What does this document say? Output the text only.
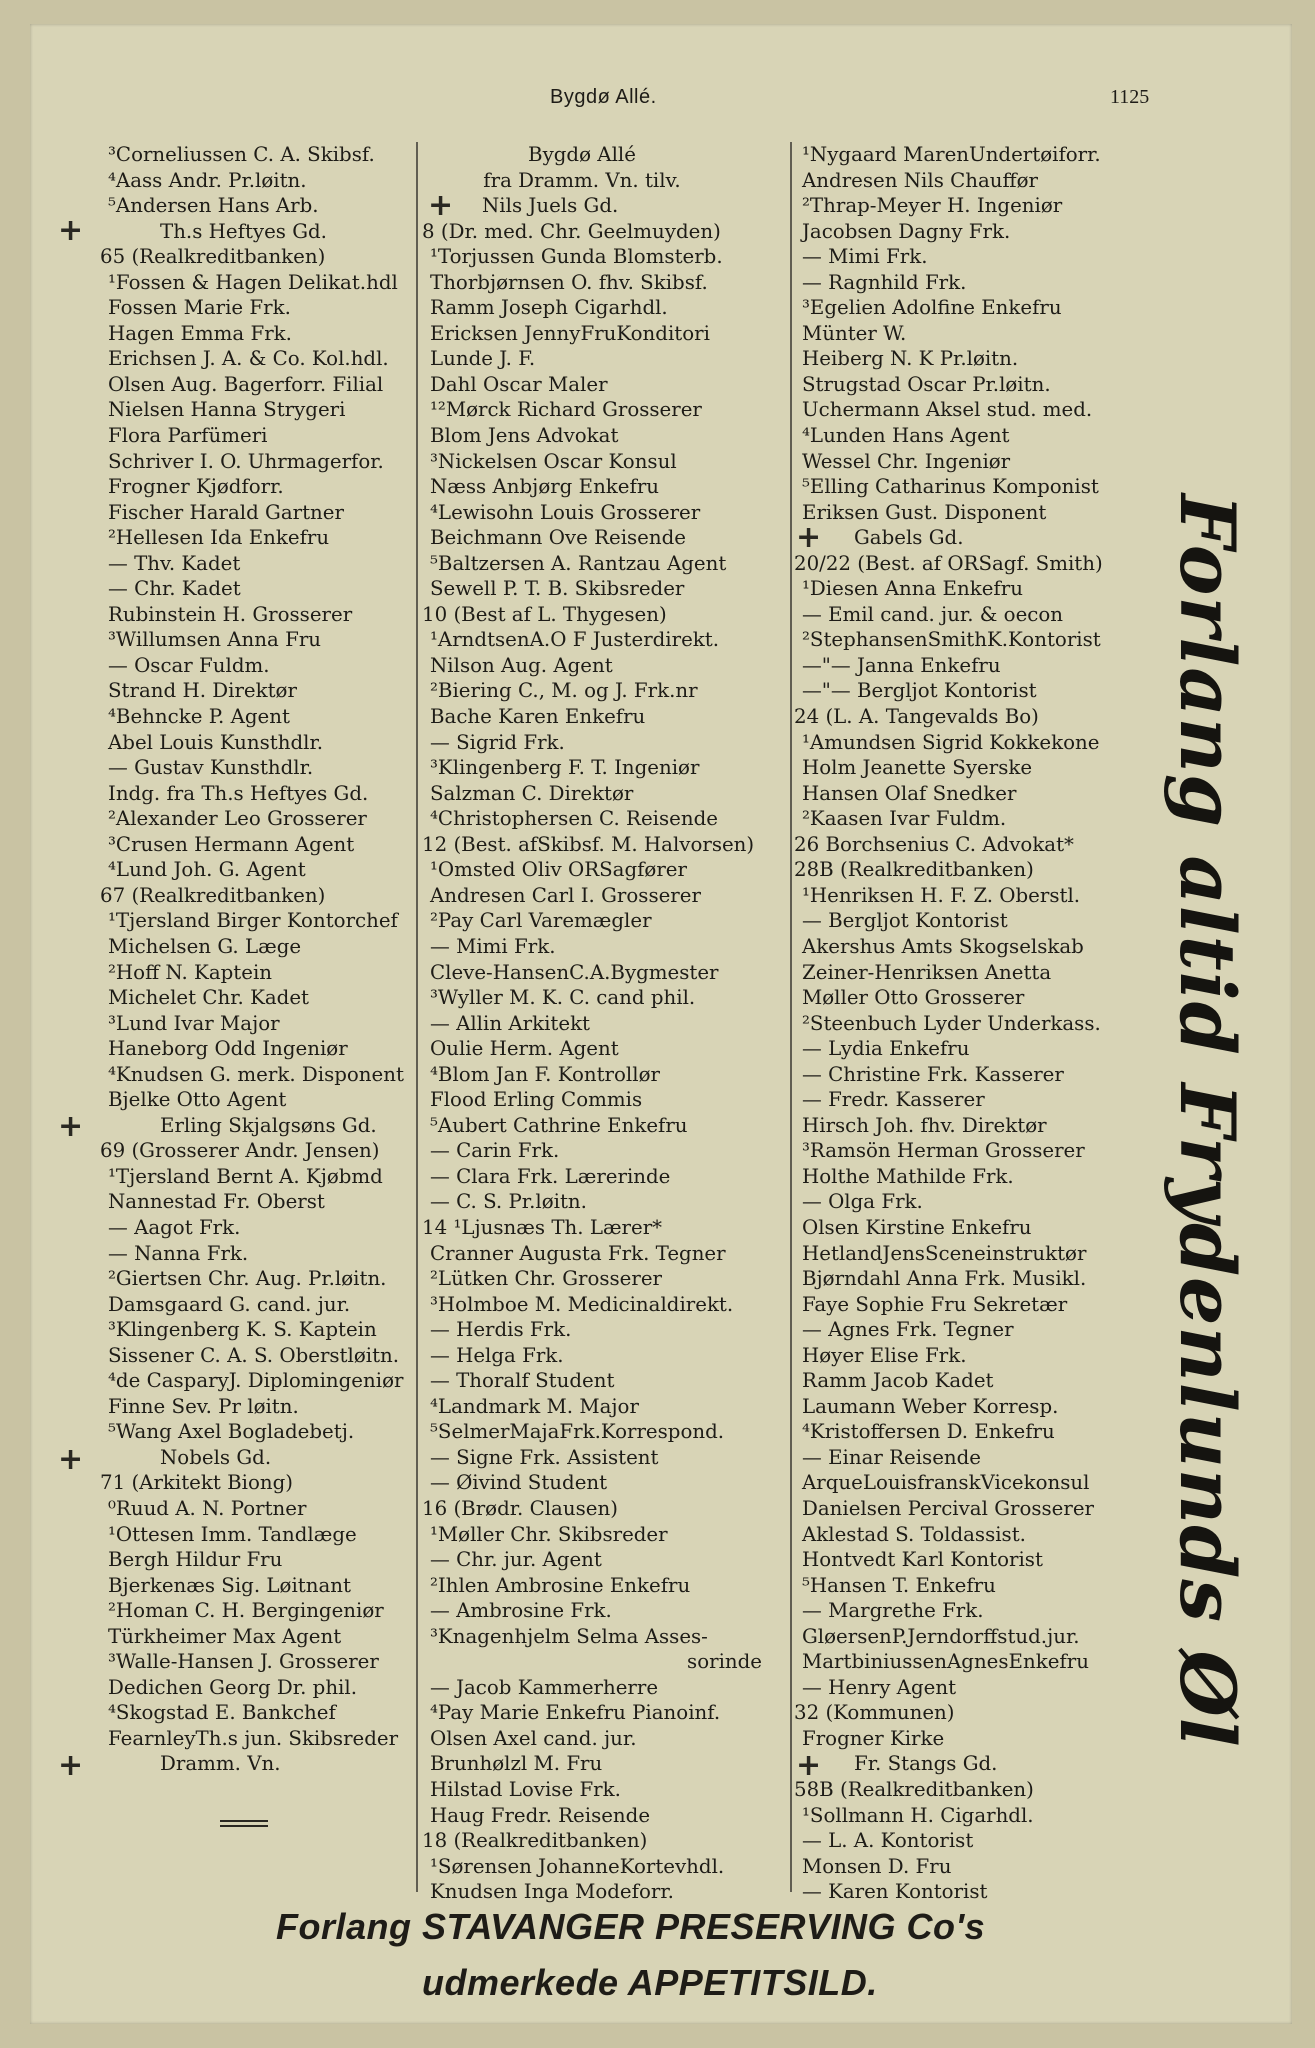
Bygdø Allé.	1125
³Corneliussen C. A. Skibsf.
⁴Aass Andr. Pr.løitn.
⁵Andersen Hans Arb.
Th.s Heftyes Gd.
65 (Realkreditbanken)
¹Fossen & Hagen Delikat.hdl
Fossen Marie Frk.
Hagen Emma Frk.
Erichsen J. A. & Co. Kol.hdl.
Olsen Aug. Bagerforr. Filial
Nielsen Hanna Strygeri
Flora Parfümeri
Schriver I. O. Uhrmagerfor.
Frogner Kjødforr.
Fischer Harald Gartner
²Hellesen Ida Enkefru
— Thv. Kadet
— Chr. Kadet
Rubinstein H. Grosserer
³Willumsen Anna Fru
— Oscar Fuldm.
Strand H. Direktør
⁴Behncke P. Agent
Abel Louis Kunsthdlr.
— Gustav Kunsthdlr.
Indg. fra Th.s Heftyes Gd.
²Alexander Leo Grosserer
³Crusen Hermann Agent
⁴Lund Joh. G. Agent
67 (Realkreditbanken)
¹Tjersland Birger Kontorchef
Michelsen G. Læge
²Hoff N. Kaptein
Michelet Chr. Kadet
³Lund Ivar Major
Haneborg Odd Ingeniør
⁴Knudsen G. merk. Disponent
Bjelke Otto Agent
Erling Skjalgsøns Gd.
69 (Grosserer Andr. Jensen)
¹Tjersland Bernt A. Kjøbmd
Nannestad Fr. Oberst
— Aagot Frk.
— Nanna Frk.
²Giertsen Chr. Aug. Pr.løitn.
Damsgaard G. cand. jur.
³Klingenberg K. S. Kaptein
Sissener C. A. S. Oberstløitn.
⁴de CasparyJ. Diplomingeniør
Finne Sev. Pr løitn.
⁵Wang Axel Bogladebetj.
Nobels Gd.
71 (Arkitekt Biong)
⁰Ruud A. N. Portner
¹Ottesen Imm. Tandlæge
Bergh Hildur Fru
Bjerkenæs Sig. Løitnant
²Homan C. H. Bergingeniør
Türkheimer Max Agent
³Walle-Hansen J. Grosserer
Dedichen Georg Dr. phil.
⁴Skogstad E. Bankchef
FearnleyTh.s jun. Skibsreder
Dramm. Vn.
Bygdø Allé
fra Dramm. Vn. tilv.
Nils Juels Gd.
8 (Dr. med. Chr. Geelmuyden)
¹Torjussen Gunda Blomsterb.
Thorbjørnsen O. fhv. Skibsf.
Ramm Joseph Cigarhdl.
Ericksen JennyFruKonditori
Lunde J. F.
Dahl Oscar Maler
¹²Mørck Richard Grosserer
Blom Jens Advokat
³Nickelsen Oscar Konsul
Næss Anbjørg Enkefru
⁴Lewisohn Louis Grosserer
Beichmann Ove Reisende
⁵Baltzersen A. Rantzau Agent
Sewell P. T. B. Skibsreder
10 (Best af L. Thygesen)
¹ArndtsenA.O F Justerdirekt.
Nilson Aug. Agent
²Biering C., M. og J. Frk.nr
Bache Karen Enkefru
— Sigrid Frk.
³Klingenberg F. T. Ingeniør
Salzman C. Direktør
⁴Christophersen C. Reisende
12 (Best. afSkibsf. M. Halvorsen)
¹Omsted Oliv ORSagfører
Andresen Carl I. Grosserer
²Pay Carl Varemægler
— Mimi Frk.
Cleve-HansenC.A.Bygmester
³Wyller M. K. C. cand phil.
— Allin Arkitekt
Oulie Herm. Agent
⁴Blom Jan F. Kontrollør
Flood Erling Commis
⁵Aubert Cathrine Enkefru
— Carin Frk.
— Clara Frk. Lærerinde
— C. S. Pr.løitn.
14 ¹Ljusnæs Th. Lærer*
Cranner Augusta Frk. Tegner
²Lütken Chr. Grosserer
³Holmboe M. Medicinaldirekt.
— Herdis Frk.
— Helga Frk.
— Thoralf Student
⁴Landmark M. Major
⁵SelmerMajaFrk.Korrespond.
— Signe Frk. Assistent
— Øivind Student
16 (Brødr. Clausen)
¹Møller Chr. Skibsreder
— Chr. jur. Agent
²Ihlen Ambrosine Enkefru
— Ambrosine Frk.
³Knagenhjelm Selma Asses-
sorinde
— Jacob Kammerherre
⁴Pay Marie Enkefru Pianoinf.
Olsen Axel cand. jur.
Brunhølzl M. Fru
Hilstad Lovise Frk.
Haug Fredr. Reisende
18 (Realkreditbanken)
¹Sørensen JohanneKortevhdl.
Knudsen Inga Modeforr.
¹Nygaard MarenUndertøiforr.
Andresen Nils Chauffør
²Thrap-Meyer H. Ingeniør
Jacobsen Dagny Frk.
— Mimi Frk.
— Ragnhild Frk.
³Egelien Adolfine Enkefru
Münter W.
Heiberg N. K Pr.løitn.
Strugstad Oscar Pr.løitn.
Uchermann Aksel stud. med.
⁴Lunden Hans Agent
Wessel Chr. Ingeniør
⁵Elling Catharinus Komponist
Eriksen Gust. Disponent
Gabels Gd.
20/22 (Best. af ORSagf. Smith)
¹Diesen Anna Enkefru
— Emil cand. jur. & oecon
²StephansenSmithK.Kontorist
—"— Janna Enkefru
—"— Bergljot Kontorist
24 (L. A. Tangevalds Bo)
¹Amundsen Sigrid Kokkekone
Holm Jeanette Syerske
Hansen Olaf Snedker
²Kaasen Ivar Fuldm.
26 Borchsenius C. Advokat*
28B (Realkreditbanken)
¹Henriksen H. F. Z. Oberstl.
— Bergljot Kontorist
Akershus Amts Skogselskab
Zeiner-Henriksen Anetta
Møller Otto Grosserer
²Steenbuch Lyder Underkass.
— Lydia Enkefru
— Christine Frk. Kasserer
— Fredr. Kasserer
Hirsch Joh. fhv. Direktør
³Ramsön Herman Grosserer
Holthe Mathilde Frk.
— Olga Frk.
Olsen Kirstine Enkefru
HetlandJensSceneinstruktør
Bjørndahl Anna Frk. Musikl.
Faye Sophie Fru Sekretær
— Agnes Frk. Tegner
Høyer Elise Frk.
Ramm Jacob Kadet
Laumann Weber Korresp.
⁴Kristoffersen D. Enkefru
— Einar Reisende
ArqueLouisfranskVicekonsul
Danielsen Percival Grosserer
Aklestad S. Toldassist.
Hontvedt Karl Kontorist
⁵Hansen T. Enkefru
— Margrethe Frk.
GløersenP.Jerndorffstud.jur.
MartbiniussenAgnesEnkefru
— Henry Agent
32 (Kommunen)
Frogner Kirke
Fr. Stangs Gd.
58B (Realkreditbanken)
¹Sollmann H. Cigarhdl.
— L. A. Kontorist
Monsen D. Fru
— Karen Kontorist
+
+
+
+
+
+
+
Forlang altid Frydenlunds Øl
Forlang STAVANGER PRESERVING Co's
udmerkede APPETITSILD.
